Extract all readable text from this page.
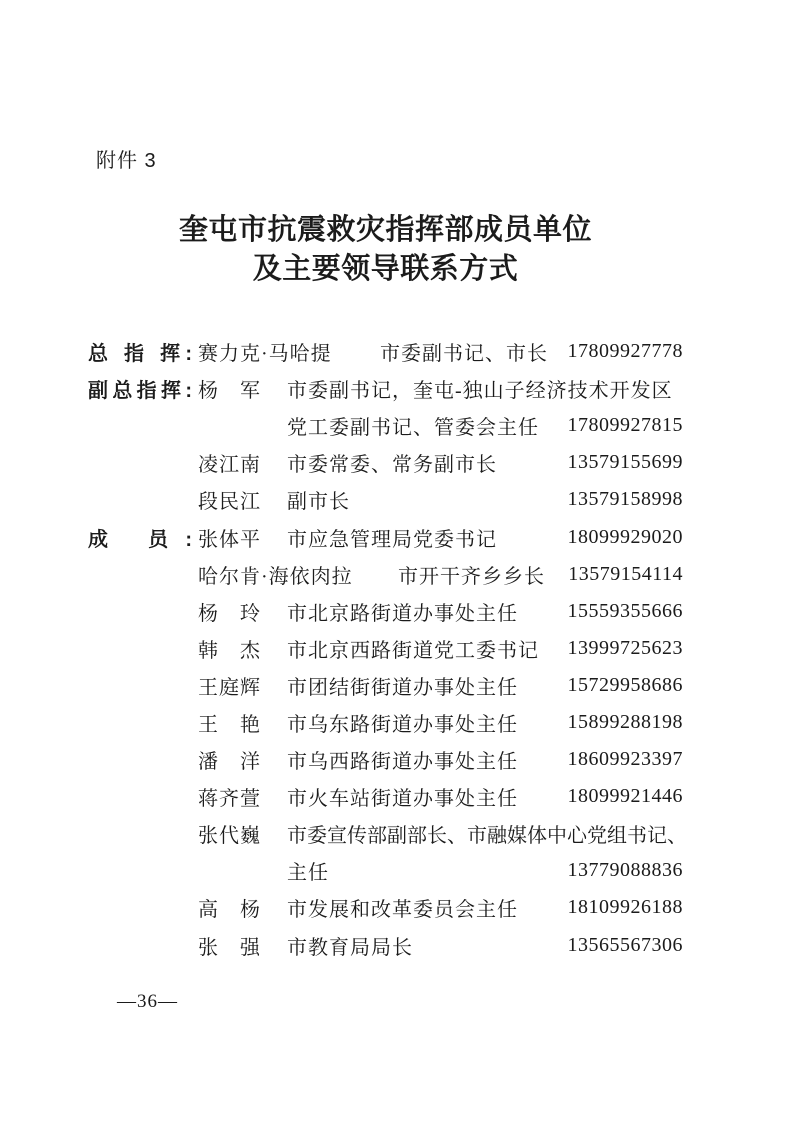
附件 3
奎屯市抗震救灾指挥部成员单位
及主要领导联系方式
总 指 挥: 赛力克·马哈提	市委副书记、市长 17809927778
副总指挥: 杨　军	市委副书记，奎屯-独山子经济技术开发区
党工委副书记、管委会主任 17809927815
凌江南	市委常委、常务副市长	13579155699
段民江	副市长	13579158998
成 员: 张体平	市应急管理局党委书记	18099929020
哈尔肯·海依肉拉	市开干齐乡乡长 13579154114
杨　玲	市北京路街道办事处主任 15559355666
韩　杰	市北京西路街道党工委书记 13999725623
王庭辉	市团结街街道办事处主任 15729958686
王　艳	市乌东路街道办事处主任 15899288198
潘　洋	市乌西路街道办事处主任 18609923397
蒋齐萱	市火车站街道办事处主任 18099921446
张代巍	市委宣传部副部长、市融媒体中心党组书记、
主任	13779088836
高　杨	市发展和改革委员会主任 18109926188
张　强	市教育局局长	13565567306
—36—
